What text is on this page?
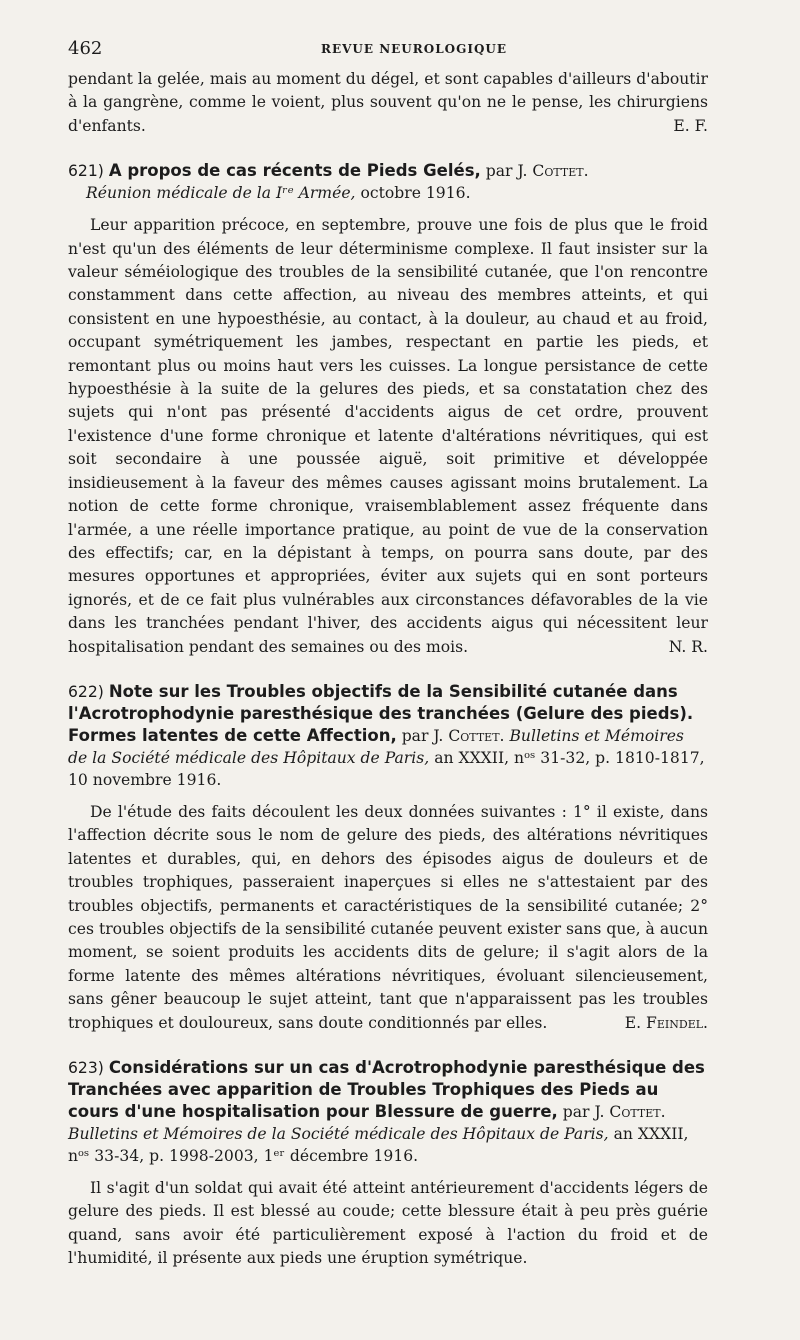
462	REVUE NEUROLOGIQUE

pendant la gelée, mais au moment du dégel, et sont capables d'ailleurs d'aboutir à la gangrène, comme le voient, plus souvent qu'on ne le pense, les chirurgiens d'enfants.	E. F.

621) A propos de cas récents de Pieds Gelés, par J. Cottet.
Réunion médicale de la Iʳᵉ Armée, octobre 1916.

Leur apparition précoce, en septembre, prouve une fois de plus que le froid n'est qu'un des éléments de leur déterminisme complexe. Il faut insister sur la valeur séméiologique des troubles de la sensibilité cutanée, que l'on rencontre constamment dans cette affection, au niveau des membres atteints, et qui consistent en une hypoesthésie, au contact, à la douleur, au chaud et au froid, occupant symétriquement les jambes, respectant en partie les pieds, et remontant plus ou moins haut vers les cuisses. La longue persistance de cette hypoesthésie à la suite de la gelures des pieds, et sa constatation chez des sujets qui n'ont pas présenté d'accidents aigus de cet ordre, prouvent l'existence d'une forme chronique et latente d'altérations névritiques, qui est soit secondaire à une poussée aiguë, soit primitive et développée insidieusement à la faveur des mêmes causes agissant moins brutalement. La notion de cette forme chronique, vraisemblablement assez fréquente dans l'armée, a une réelle importance pratique, au point de vue de la conservation des effectifs; car, en la dépistant à temps, on pourra sans doute, par des mesures opportunes et appropriées, éviter aux sujets qui en sont porteurs ignorés, et de ce fait plus vulnérables aux circonstances défavorables de la vie dans les tranchées pendant l'hiver, des accidents aigus qui nécessitent leur hospitalisation pendant des semaines ou des mois.	N. R.

622) Note sur les Troubles objectifs de la Sensibilité cutanée dans l'Acrotrophodynie paresthésique des tranchées (Gelure des pieds). Formes latentes de cette Affection, par J. Cottet. Bulletins et Mémoires de la Société médicale des Hôpitaux de Paris, an XXXII, nᵒˢ 31-32, p. 1810-1817, 10 novembre 1916.

De l'étude des faits découlent les deux données suivantes : 1° il existe, dans l'affection décrite sous le nom de gelure des pieds, des altérations névritiques latentes et durables, qui, en dehors des épisodes aigus de douleurs et de troubles trophiques, passeraient inaperçues si elles ne s'attestaient par des troubles objectifs, permanents et caractéristiques de la sensibilité cutanée; 2° ces troubles objectifs de la sensibilité cutanée peuvent exister sans que, à aucun moment, se soient produits les accidents dits de gelure; il s'agit alors de la forme latente des mêmes altérations névritiques, évoluant silencieusement, sans gêner beaucoup le sujet atteint, tant que n'apparaissent pas les troubles trophiques et douloureux, sans doute conditionnés par elles.	E. Feindel.

623) Considérations sur un cas d'Acrotrophodynie paresthésique des Tranchées avec apparition de Troubles Trophiques des Pieds au cours d'une hospitalisation pour Blessure de guerre, par J. Cottet. Bulletins et Mémoires de la Société médicale des Hôpitaux de Paris, an XXXII, nᵒˢ 33-34, p. 1998-2003, 1ᵉʳ décembre 1916.

Il s'agit d'un soldat qui avait été atteint antérieurement d'accidents légers de gelure des pieds. Il est blessé au coude; cette blessure était à peu près guérie quand, sans avoir été particulièrement exposé à l'action du froid et de l'humidité, il présente aux pieds une éruption symétrique.
